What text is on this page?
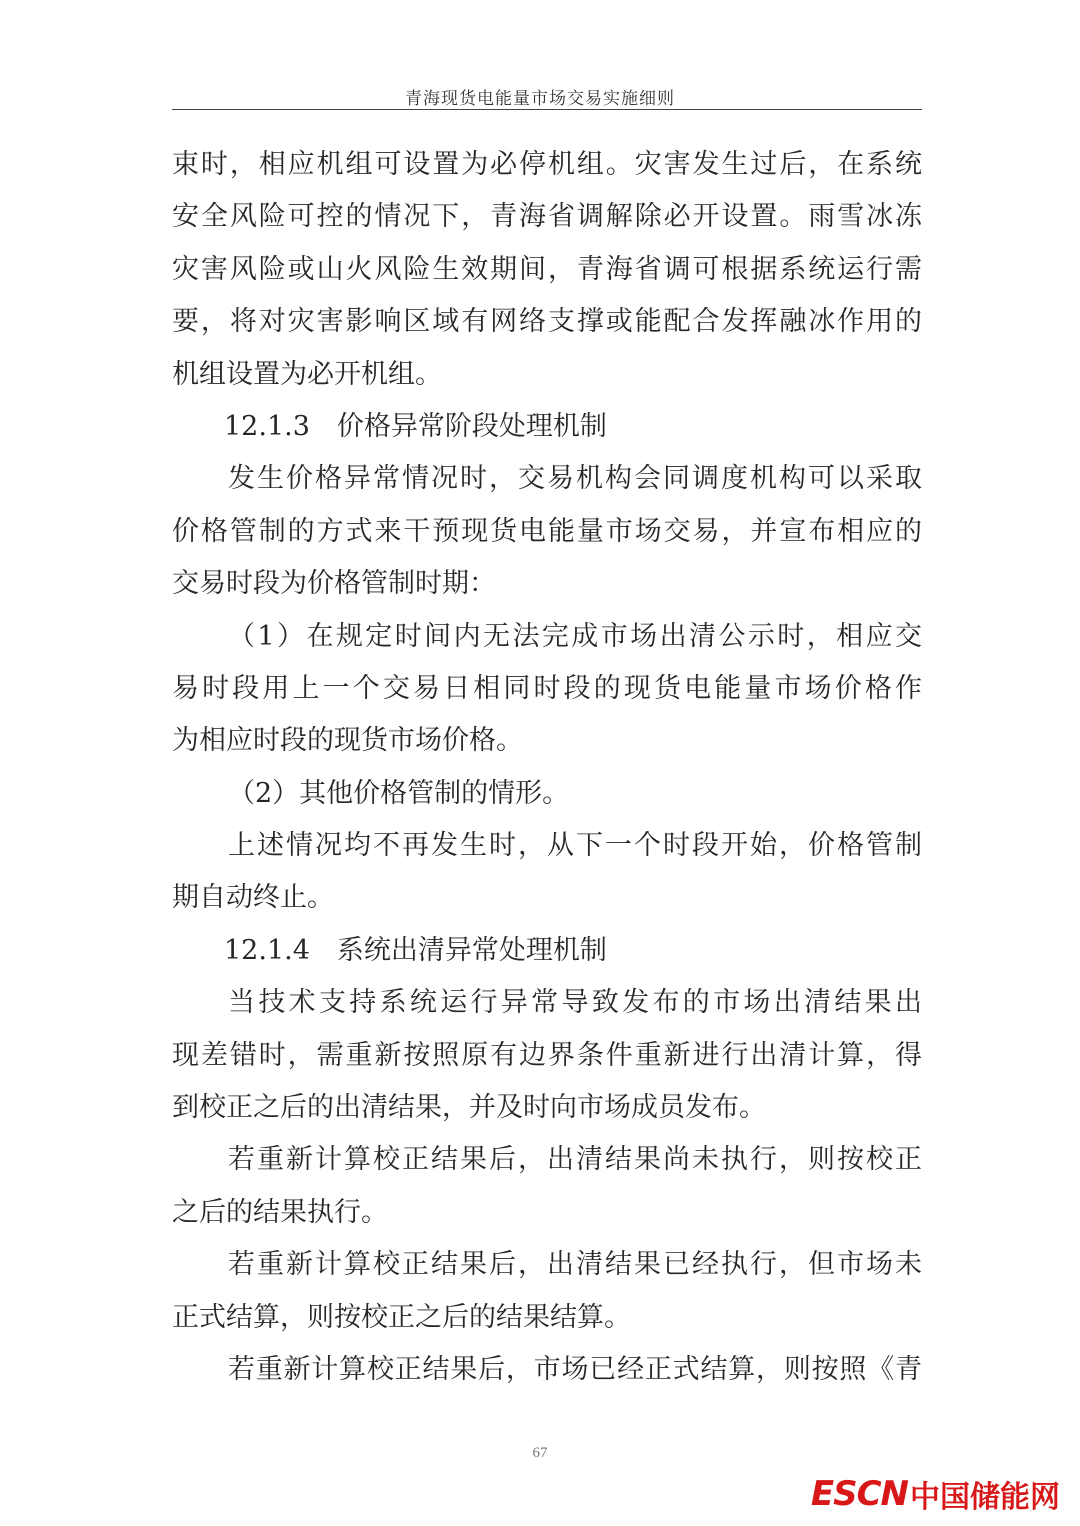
青海现货电能量市场交易实施细则
束时，相应机组可设置为必停机组。灾害发生过后，在系统
安全风险可控的情况下，青海省调解除必开设置。雨雪冰冻
灾害风险或山火风险生效期间，青海省调可根据系统运行需
要，将对灾害影响区域有网络支撑或能配合发挥融冰作用的
机组设置为必开机组。
12.1.3　价格异常阶段处理机制
发生价格异常情况时，交易机构会同调度机构可以采取
价格管制的方式来干预现货电能量市场交易，并宣布相应的
交易时段为价格管制时期：
（1）在规定时间内无法完成市场出清公示时，相应交
易时段用上一个交易日相同时段的现货电能量市场价格作
为相应时段的现货市场价格。
（2）其他价格管制的情形。
上述情况均不再发生时，从下一个时段开始，价格管制
期自动终止。
12.1.4　系统出清异常处理机制
当技术支持系统运行异常导致发布的市场出清结果出
现差错时，需重新按照原有边界条件重新进行出清计算，得
到校正之后的出清结果，并及时向市场成员发布。
若重新计算校正结果后，出清结果尚未执行，则按校正
之后的结果执行。
若重新计算校正结果后，出清结果已经执行，但市场未
正式结算，则按校正之后的结果结算。
若重新计算校正结果后，市场已经正式结算，则按照《青
67
ESCN 中国储能网
